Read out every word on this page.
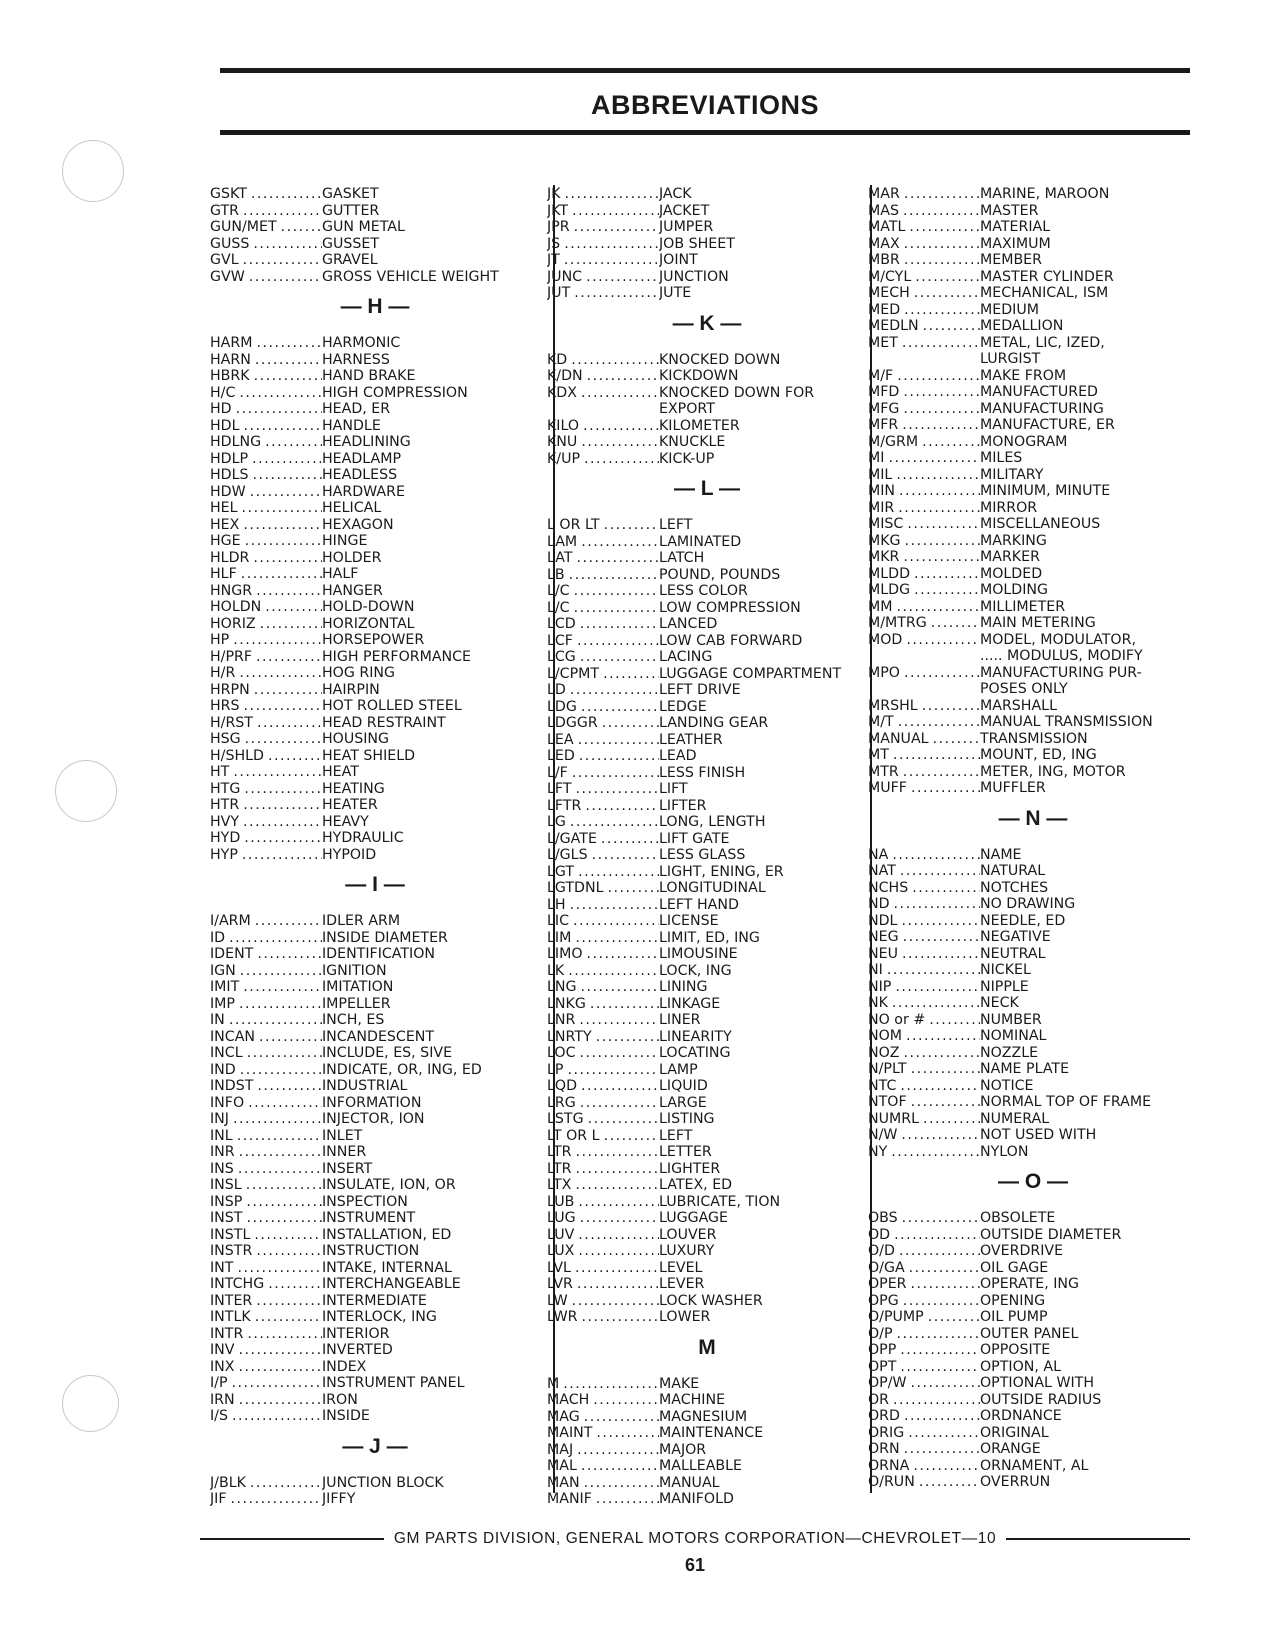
ABBREVIATIONS
GSKT .....	GASKET
GTR .....	GUTTER
GUN/MET .....	GUN METAL
GUSS .....	GUSSET
GVL .....	GRAVEL
GVW .....	GROSS VEHICLE WEIGHT
— H —
HARM .....	HARMONIC
HARN .....	HARNESS
HBRK .....	HAND BRAKE
H/C .....	HIGH COMPRESSION
HD .....	HEAD, ER
HDL .....	HANDLE
HDLNG .....	HEADLINING
HDLP .....	HEADLAMP
HDLS .....	HEADLESS
HDW .....	HARDWARE
HEL .....	HELICAL
HEX .....	HEXAGON
HGE .....	HINGE
HLDR .....	HOLDER
HLF .....	HALF
HNGR .....	HANGER
HOLDN .....	HOLD-DOWN
HORIZ .....	HORIZONTAL
HP .....	HORSEPOWER
H/PRF .....	HIGH PERFORMANCE
H/R .....	HOG RING
HRPN .....	HAIRPIN
HRS .....	HOT ROLLED STEEL
H/RST .....	HEAD RESTRAINT
HSG .....	HOUSING
H/SHLD .....	HEAT SHIELD
HT .....	HEAT
HTG .....	HEATING
HTR .....	HEATER
HVY .....	HEAVY
HYD .....	HYDRAULIC
HYP .....	HYPOID
— I —
I/ARM .....	IDLER ARM
ID .....	INSIDE DIAMETER
IDENT .....	IDENTIFICATION
IGN .....	IGNITION
IMIT .....	IMITATION
IMP .....	IMPELLER
IN .....	INCH, ES
INCAN .....	INCANDESCENT
INCL .....	INCLUDE, ES, SIVE
IND .....	INDICATE, OR, ING, ED
INDST .....	INDUSTRIAL
INFO .....	INFORMATION
INJ .....	INJECTOR, ION
INL .....	INLET
INR .....	INNER
INS .....	INSERT
INSL .....	INSULATE, ION, OR
INSP .....	INSPECTION
INST .....	INSTRUMENT
INSTL .....	INSTALLATION, ED
INSTR .....	INSTRUCTION
INT .....	INTAKE, INTERNAL
INTCHG .....	INTERCHANGEABLE
INTER .....	INTERMEDIATE
INTLK .....	INTERLOCK, ING
INTR .....	INTERIOR
INV .....	INVERTED
INX .....	INDEX
I/P .....	INSTRUMENT PANEL
IRN .....	IRON
I/S .....	INSIDE
— J —
J/BLK .....	JUNCTION BLOCK
JIF .....	JIFFY
JK .....	JACK
JKT .....	JACKET
JPR .....	JUMPER
JS .....	JOB SHEET
JT .....	JOINT
JUNC .....	JUNCTION
JUT .....	JUTE
— K —
KD .....	KNOCKED DOWN
K/DN .....	KICKDOWN
KDX .....	KNOCKED DOWN FOR
EXPORT
KILO .....	KILOMETER
KNU .....	KNUCKLE
K/UP .....	KICK-UP
— L —
L OR LT .....	LEFT
LAM .....	LAMINATED
LAT .....	LATCH
LB .....	POUND, POUNDS
L/C .....	LESS COLOR
L/C .....	LOW COMPRESSION
LCD .....	LANCED
LCF .....	LOW CAB FORWARD
LCG .....	LACING
L/CPMT .....	LUGGAGE COMPARTMENT
LD .....	LEFT DRIVE
LDG .....	LEDGE
LDGGR .....	LANDING GEAR
LEA .....	LEATHER
LED .....	LEAD
L/F .....	LESS FINISH
LFT .....	LIFT
LFTR .....	LIFTER
LG .....	LONG, LENGTH
L/GATE .....	LIFT GATE
L/GLS .....	LESS GLASS
LGT .....	LIGHT, ENING, ER
LGTDNL .....	LONGITUDINAL
LH .....	LEFT HAND
LIC .....	LICENSE
LIM .....	LIMIT, ED, ING
LIMO .....	LIMOUSINE
LK .....	LOCK, ING
LNG .....	LINING
LNKG .....	LINKAGE
LNR .....	LINER
LNRTY .....	LINEARITY
LOC .....	LOCATING
LP .....	LAMP
LQD .....	LIQUID
LRG .....	LARGE
LSTG .....	LISTING
LT OR L .....	LEFT
LTR .....	LETTER
LTR .....	LIGHTER
LTX .....	LATEX, ED
LUB .....	LUBRICATE, TION
LUG .....	LUGGAGE
LUV .....	LOUVER
LUX .....	LUXURY
LVL .....	LEVEL
LVR .....	LEVER
LW .....	LOCK WASHER
LWR .....	LOWER
M
M .....	MAKE
MACH .....	MACHINE
MAG .....	MAGNESIUM
MAINT .....	MAINTENANCE
MAJ .....	MAJOR
MAL .....	MALLEABLE
MAN .....	MANUAL
MANIF .....	MANIFOLD
MAR .....	MARINE, MAROON
MAS .....	MASTER
MATL .....	MATERIAL
MAX .....	MAXIMUM
MBR .....	MEMBER
M/CYL .....	MASTER CYLINDER
MECH .....	MECHANICAL, ISM
MED .....	MEDIUM
MEDLN .....	MEDALLION
MET .....	METAL, LIC, IZED,
LURGIST
M/F .....	MAKE FROM
MFD .....	MANUFACTURED
MFG .....	MANUFACTURING
MFR .....	MANUFACTURE, ER
M/GRM .....	MONOGRAM
MI .....	MILES
MIL .....	MILITARY
MIN .....	MINIMUM, MINUTE
MIR .....	MIRROR
MISC .....	MISCELLANEOUS
MKG .....	MARKING
MKR .....	MARKER
MLDD .....	MOLDED
MLDG .....	MOLDING
MM .....	MILLIMETER
M/MTRG .....	MAIN METERING
MOD .....	MODEL, MODULATOR,
..... MODULUS, MODIFY
MPO .....	MANUFACTURING PUR-
POSES ONLY
MRSHL .....	MARSHALL
M/T .....	MANUAL TRANSMISSION
MANUAL .....	TRANSMISSION
MT .....	MOUNT, ED, ING
MTR .....	METER, ING, MOTOR
MUFF .....	MUFFLER
— N —
NA .....	NAME
NAT .....	NATURAL
NCHS .....	NOTCHES
ND .....	NO DRAWING
NDL .....	NEEDLE, ED
NEG .....	NEGATIVE
NEU .....	NEUTRAL
NI .....	NICKEL
NIP .....	NIPPLE
NK .....	NECK
NO or # .....	NUMBER
NOM .....	NOMINAL
NOZ .....	NOZZLE
N/PLT .....	NAME PLATE
NTC .....	NOTICE
NTOF .....	NORMAL TOP OF FRAME
NUMRL .....	NUMERAL
N/W .....	NOT USED WITH
NY .....	NYLON
— O —
OBS .....	OBSOLETE
OD .....	OUTSIDE DIAMETER
O/D .....	OVERDRIVE
O/GA .....	OIL GAGE
OPER .....	OPERATE, ING
OPG .....	OPENING
O/PUMP .....	OIL PUMP
O/P .....	OUTER PANEL
OPP .....	OPPOSITE
OPT .....	OPTION, AL
OP/W .....	OPTIONAL WITH
OR .....	OUTSIDE RADIUS
ORD .....	ORDNANCE
ORIG .....	ORIGINAL
ORN .....	ORANGE
ORNA .....	ORNAMENT, AL
O/RUN .....	OVERRUN
GM PARTS DIVISION, GENERAL MOTORS CORPORATION—CHEVROLET—10
61
